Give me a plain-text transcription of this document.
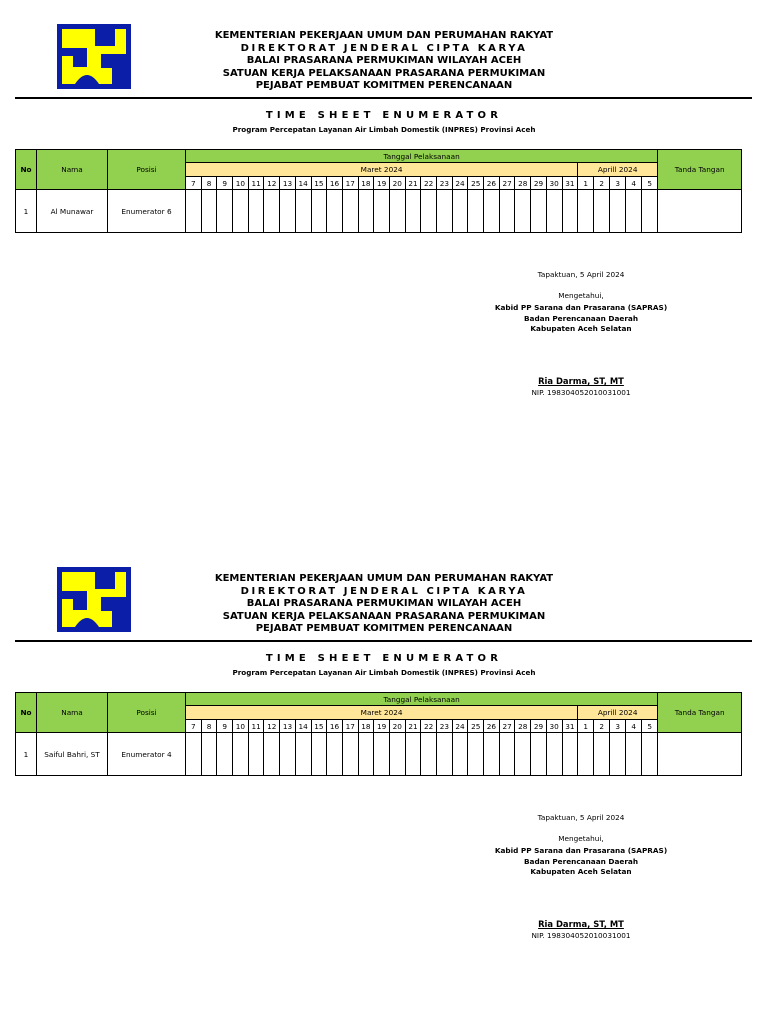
KEMENTERIAN PEKERJAAN UMUM DAN PERUMAHAN RAKYAT
DIREKTORAT JENDERAL CIPTA KARYA
BALAI PRASARANA PERMUKIMAN WILAYAH ACEH
SATUAN KERJA PELAKSANAAN PRASARANA PERMUKIMAN
PEJABAT PEMBUAT KOMITMEN PERENCANAAN
TIME SHEET ENUMERATOR
Program Percepatan Layanan Air Limbah Domestik (INPRES) Provinsi Aceh
No	Nama	Posisi	Tanggal Pelaksanaan																														Tanda Tangan
			Maret 2024																									Aprill 2024					
			7	8	9	10	11	12	13	14	15	16	17	18	19	20	21	22	23	24	25	26	27	28	29	30	31	1	2	3	4	5	
1	Al Munawar	Enumerator 6																															
Tapaktuan, 5 April 2024
Mengetahui,
Kabid PP Sarana dan Prasarana (SAPRAS)
Badan Perencanaan Daerah
Kabupaten Aceh Selatan
Ria Darma, ST, MT
NIP. 198304052010031001
KEMENTERIAN PEKERJAAN UMUM DAN PERUMAHAN RAKYAT
DIREKTORAT JENDERAL CIPTA KARYA
BALAI PRASARANA PERMUKIMAN WILAYAH ACEH
SATUAN KERJA PELAKSANAAN PRASARANA PERMUKIMAN
PEJABAT PEMBUAT KOMITMEN PERENCANAAN
TIME SHEET ENUMERATOR
Program Percepatan Layanan Air Limbah Domestik (INPRES) Provinsi Aceh
No	Nama	Posisi	Tanggal Pelaksanaan																														Tanda Tangan
			Maret 2024																									Aprill 2024					
			7	8	9	10	11	12	13	14	15	16	17	18	19	20	21	22	23	24	25	26	27	28	29	30	31	1	2	3	4	5	
1	Saiful Bahri, ST	Enumerator 4																															
Tapaktuan, 5 April 2024
Mengetahui,
Kabid PP Sarana dan Prasarana (SAPRAS)
Badan Perencanaan Daerah
Kabupaten Aceh Selatan
Ria Darma, ST, MT
NIP. 198304052010031001
